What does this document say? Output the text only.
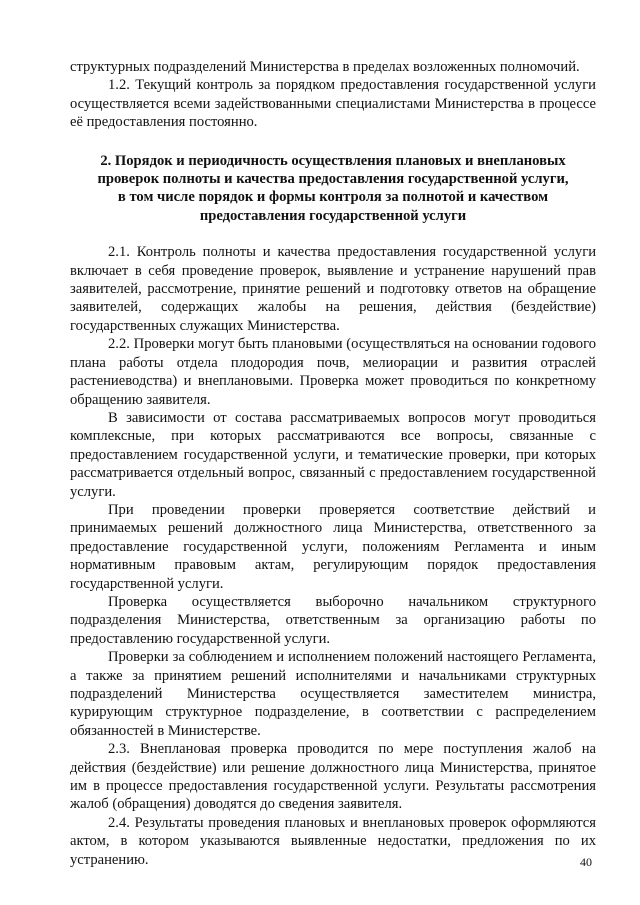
структурных подразделений Министерства в пределах возложенных полномочий.

1.2. Текущий контроль за порядком предоставления государственной услуги осуществляется всеми задействованными специалистами Министерства в процессе её предоставления постоянно.

2. Порядок и периодичность осуществления плановых и внеплановых
проверок полноты и качества предоставления государственной услуги,
в том числе порядок и формы контроля за полнотой и качеством
предоставления государственной услуги

2.1. Контроль полноты и качества предоставления государственной услуги включает в себя проведение проверок, выявление и устранение нарушений прав заявителей, рассмотрение, принятие решений и подготовку ответов на обращение заявителей, содержащих жалобы на решения, действия (бездействие) государственных служащих Министерства.

2.2. Проверки могут быть плановыми (осуществляться на основании годового плана работы отдела плодородия почв, мелиорации и развития отраслей растениеводства) и внеплановыми. Проверка может проводиться по конкретному обращению заявителя.

В зависимости от состава рассматриваемых вопросов могут проводиться комплексные, при которых рассматриваются все вопросы, связанные с предоставлением государственной услуги, и тематические проверки, при которых рассматривается отдельный вопрос, связанный с предоставлением государственной услуги.

При проведении проверки проверяется соответствие действий и принимаемых решений должностного лица Министерства, ответственного за предоставление государственной услуги, положениям Регламента и иным нормативным правовым актам, регулирующим порядок предоставления государственной услуги.

Проверка осуществляется выборочно начальником структурного подразделения Министерства, ответственным за организацию работы по предоставлению государственной услуги.

Проверки за соблюдением и исполнением положений настоящего Регламента, а также за принятием решений исполнителями и начальниками структурных подразделений Министерства осуществляется заместителем министра, курирующим структурное подразделение, в соответствии с распределением обязанностей в Министерстве.

2.3. Внеплановая проверка проводится по мере поступления жалоб на действия (бездействие) или решение должностного лица Министерства, принятое им в процессе предоставления государственной услуги. Результаты рассмотрения жалоб (обращения) доводятся до сведения заявителя.

2.4. Результаты проведения плановых и внеплановых проверок оформляются актом, в котором указываются выявленные недостатки, предложения по их устранению.	40
